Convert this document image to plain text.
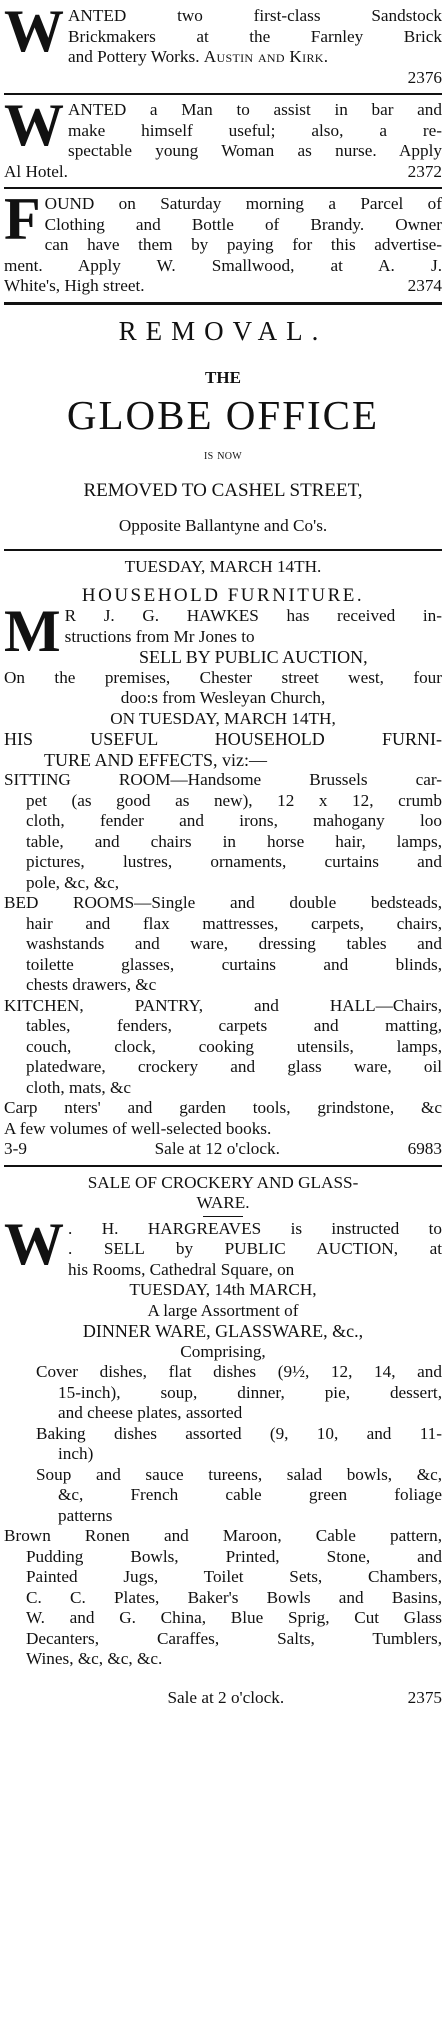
W ANTED two first-class Sandstock
Brickmakers at the Farnley Brick
and Pottery Works. Austin and Kirk.
2376
W ANTED a Man to assist in bar and
make himself useful; also, a re-
spectable young Woman as nurse. Apply
Al Hotel.	2372
F OUND on Saturday morning a Parcel of
Clothing and Bottle of Brandy. Owner
can have them by paying for this advertise-
ment. Apply W. Smallwood, at A. J.
White's, High street.	2374
REMOVAL.
THE
GLOBE OFFICE
is now
REMOVED TO CASHEL STREET,
Opposite Ballantyne and Co's.
TUESDAY, MARCH 14TH.
HOUSEHOLD FURNITURE.
M R J. G. HAWKES has received in-
structions from Mr Jones to
SELL BY PUBLIC AUCTION,
On the premises, Chester street west, four
doo:s from Wesleyan Church,
ON TUESDAY, MARCH 14TH,
HIS USEFUL HOUSEHOLD FURNI-
TURE AND EFFECTS, viz:—
SITTING ROOM—Handsome Brussels car-
pet (as good as new), 12 x 12, crumb
cloth, fender and irons, mahogany loo
table, and chairs in horse hair, lamps,
pictures, lustres, ornaments, curtains and
pole, &c, &c,
BED ROOMS—Single and double bedsteads,
hair and flax mattresses, carpets, chairs,
washstands and ware, dressing tables and
toilette glasses, curtains and blinds,
chests drawers, &c
KITCHEN, PANTRY, and HALL—Chairs,
tables, fenders, carpets and matting,
couch, clock, cooking utensils, lamps,
platedware, crockery and glass ware, oil
cloth, mats, &c
Carp nters' and garden tools, grindstone, &c
A few volumes of well-selected books.
3-9	Sale at 12 o'clock.	6983
SALE OF CROCKERY AND GLASS-
WARE.
W . H. HARGREAVES is instructed to
. SELL by PUBLIC AUCTION, at
his Rooms, Cathedral Square, on
TUESDAY, 14th MARCH,
A large Assortment of
DINNER WARE, GLASSWARE, &c.,
Comprising,
Cover dishes, flat dishes (9½, 12, 14, and
15-inch), soup, dinner, pie, dessert,
and cheese plates, assorted
Baking dishes assorted (9, 10, and 11-
inch)
Soup and sauce tureens, salad bowls, &c,
&c, French cable green foliage
patterns
Brown Ronen and Maroon, Cable pattern,
Pudding Bowls, Printed, Stone, and
Painted Jugs, Toilet Sets, Chambers,
C. C. Plates, Baker's Bowls and Basins,
W. and G. China, Blue Sprig, Cut Glass
Decanters, Caraffes, Salts, Tumblers,
Wines, &c, &c, &c.
Sale at 2 o'clock.	2375
